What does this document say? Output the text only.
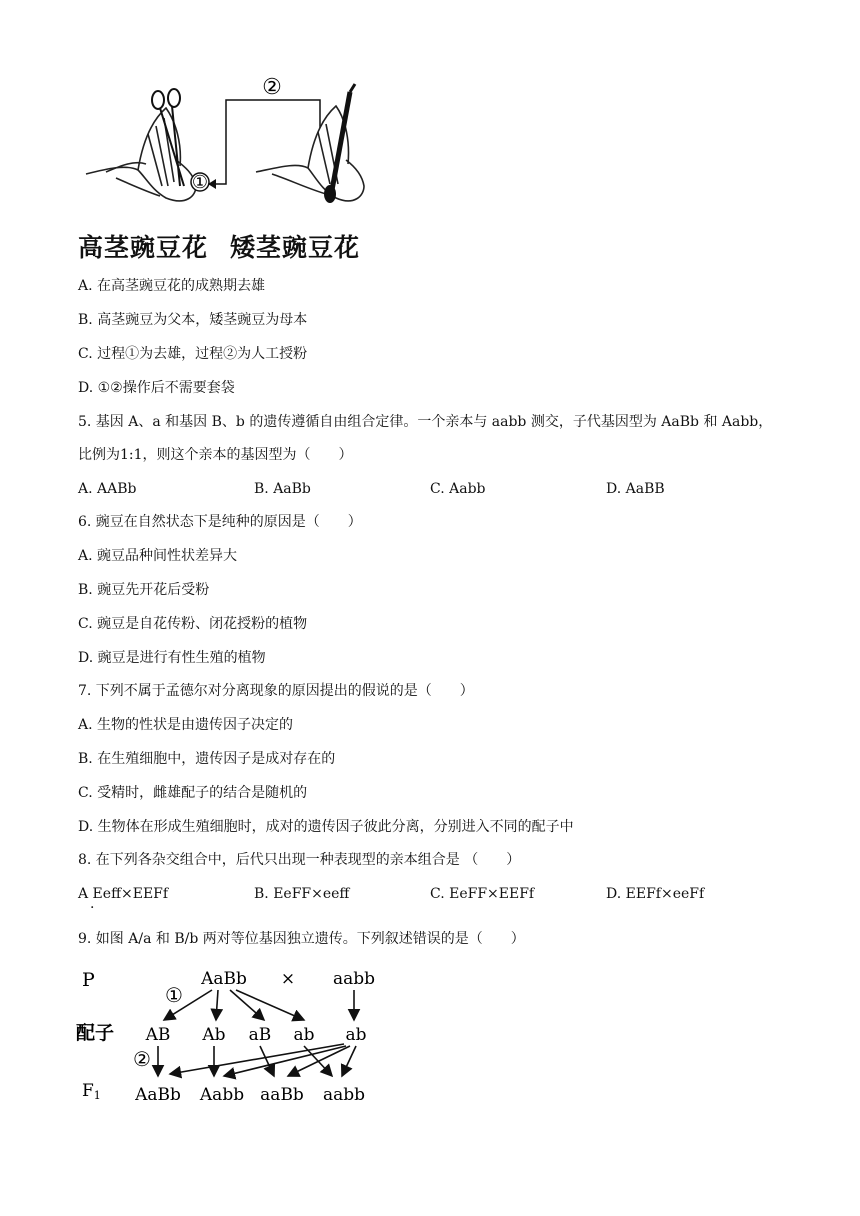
①
②
高茎豌豆花 矮茎豌豆花
A. 在高茎豌豆花的成熟期去雄
B. 高茎豌豆为父本，矮茎豌豆为母本
C. 过程①为去雄，过程②为人工授粉
D. ①②操作后不需要套袋
5. 基因 A、a 和基因 B、b 的遗传遵循自由组合定律。一个亲本与 aabb 测交，子代基因型为 AaBb 和 Aabb，
比例为1:1，则这个亲本的基因型为（　　）
A. AABb	B. AaBb	C. Aabb	D. AaBB
6. 豌豆在自然状态下是纯种的原因是（　　）
A. 豌豆品种间性状差异大
B. 豌豆先开花后受粉
C. 豌豆是自花传粉、闭花授粉的植物
D. 豌豆是进行有性生殖的植物
7. 下列不属于孟德尔对分离现象的原因提出的假说的是（　　）
A. 生物的性状是由遗传因子决定的
B. 在生殖细胞中，遗传因子是成对存在的
C. 受精时，雌雄配子的结合是随机的
D. 生物体在形成生殖细胞时，成对的遗传因子彼此分离，分别进入不同的配子中
8. 在下列各杂交组合中，后代只出现一种表现型的亲本组合是 （　　）
A Eeff×EEFf
·
B. EeFF×eeff	C. EeFF×EEFf	D. EEFf×eeFf
9. 如图 A/a 和 B/b 两对等位基因独立遗传。下列叙述错误的是（　　）
P
配子
F1
AaBb × aabb
①
AB Ab aB ab ab
②
AaBb Aabb aaBb aabb
